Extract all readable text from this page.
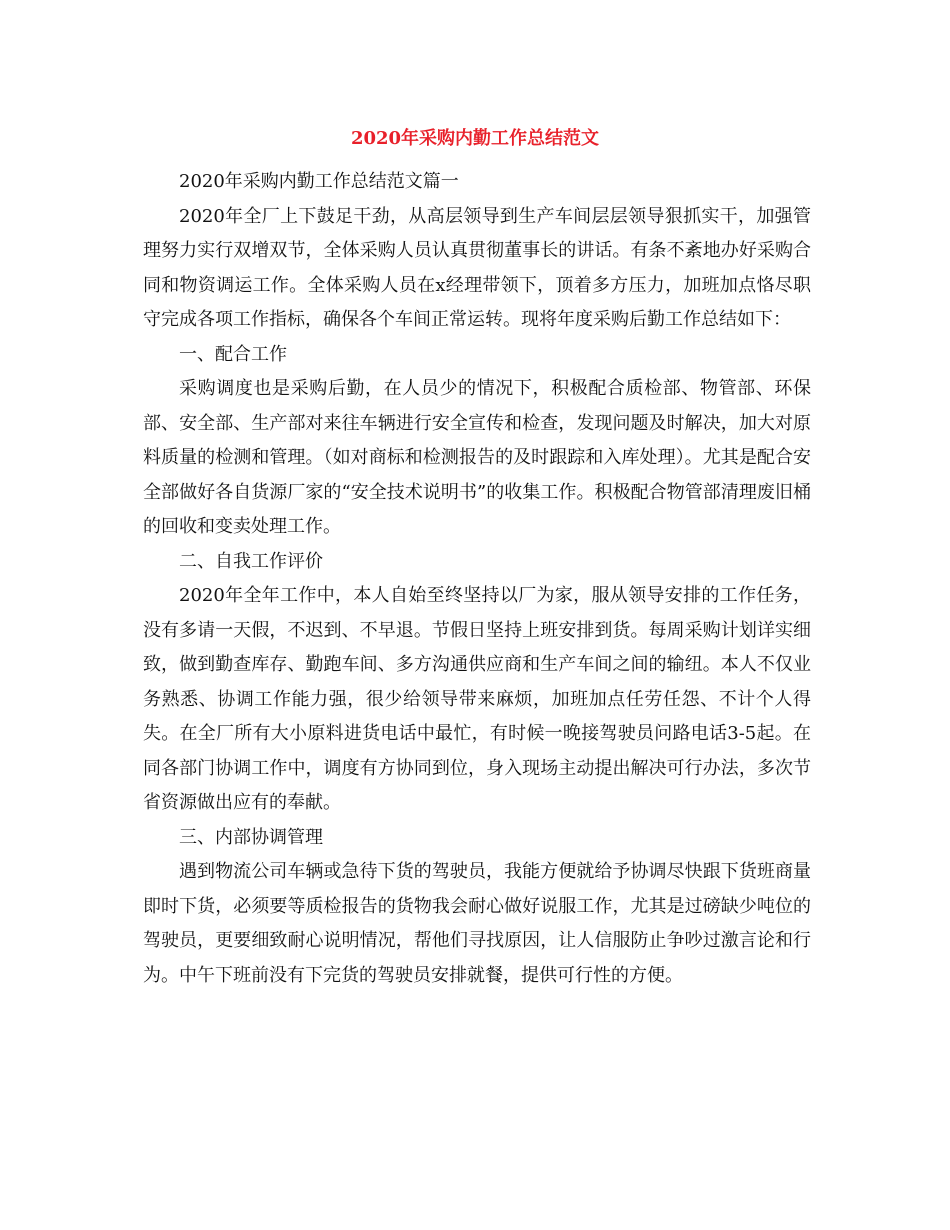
2020年采购内勤工作总结范文

2020年采购内勤工作总结范文篇一

2020年全厂上下鼓足干劲，从高层领导到生产车间层层领导狠抓实干，加强管理努力实行双增双节，全体采购人员认真贯彻董事长的讲话。有条不紊地办好采购合同和物资调运工作。全体采购人员在x经理带领下，顶着多方压力，加班加点恪尽职守完成各项工作指标，确保各个车间正常运转。现将年度采购后勤工作总结如下：

一、配合工作

采购调度也是采购后勤，在人员少的情况下，积极配合质检部、物管部、环保部、安全部、生产部对来往车辆进行安全宣传和检查，发现问题及时解决，加大对原料质量的检测和管理。（如对商标和检测报告的及时跟踪和入库处理）。尤其是配合安全部做好各自货源厂家的“安全技术说明书”的收集工作。积极配合物管部清理废旧桶的回收和变卖处理工作。

二、自我工作评价

2020年全年工作中，本人自始至终坚持以厂为家，服从领导安排的工作任务，没有多请一天假，不迟到、不早退。节假日坚持上班安排到货。每周采购计划详实细致，做到勤查库存、勤跑车间、多方沟通供应商和生产车间之间的输纽。本人不仅业务熟悉、协调工作能力强，很少给领导带来麻烦，加班加点任劳任怨、不计个人得失。在全厂所有大小原料进货电话中最忙，有时候一晚接驾驶员问路电话3-5起。在同各部门协调工作中，调度有方协同到位，身入现场主动提出解决可行办法，多次节省资源做出应有的奉献。

三、内部协调管理

遇到物流公司车辆或急待下货的驾驶员，我能方便就给予协调尽快跟下货班商量即时下货，必须要等质检报告的货物我会耐心做好说服工作，尤其是过磅缺少吨位的驾驶员，更要细致耐心说明情况，帮他们寻找原因，让人信服防止争吵过激言论和行为。中午下班前没有下完货的驾驶员安排就餐，提供可行性的方便。
